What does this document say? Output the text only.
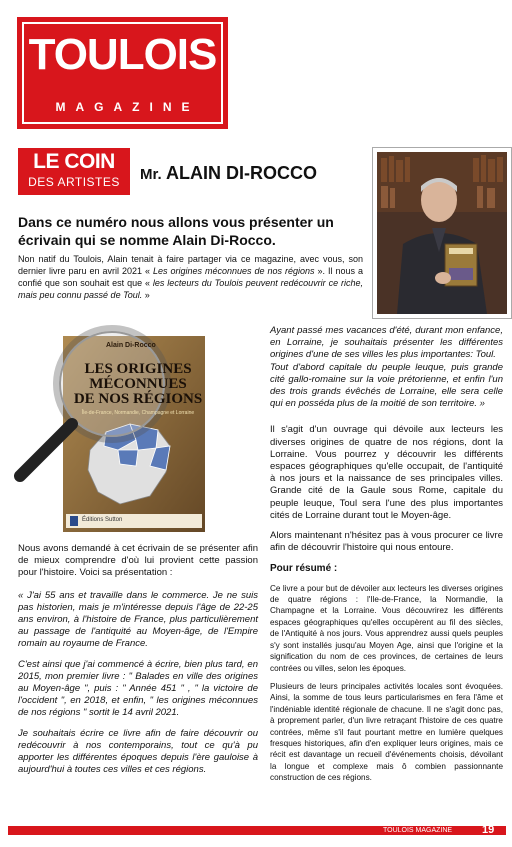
TOULOIS
MAGAZINE
LE COIN
DES ARTISTES	Mr. ALAIN DI-ROCCO
Dans ce numéro nous allons vous présenter un écrivain qui se nomme Alain Di-Rocco.
Non natif du Toulois, Alain tenait à faire partager via ce magazine, avec vous, son dernier livre paru en avril 2021 « Les origines méconnues de nos régions ». Il nous a confié que son souhait est que « les lecteurs du Toulois peuvent redécouvrir ce riche, mais peu connu passé de Toul. »
Alain Di-Rocco
LES ORIGINES
MÉCONNUES
DE NOS RÉGIONS
Île-de-France, Normandie, Champagne et Lorraine
Éditions Sutton

Ayant passé mes vacances d'été, durant mon enfance, en Lorraine, je souhaitais présenter les différentes origines d'une de ses villes les plus importantes: Toul.

Tout d'abord capitale du peuple leuque, puis grande cité gallo-romaine sur la voie prétorienne, et enfin l'un des trois grands évêchés de Lorraine, elle sera celle qui en posséda plus de la moitié de son territoire. »

Il s'agit d'un ouvrage qui dévoile aux lecteurs les diverses origines de quatre de nos régions, dont la Lorraine. Vous pourrez y découvrir les différents espaces géographiques qu'elle occupait, de l'antiquité à nos jours et la naissance de ses principales villes. Grande cité de la Gaule sous Rome, capitale du peuple leuque, Toul sera l'une des plus importantes cités de Lorraine durant tout le Moyen-âge.

Alors maintenant n'hésitez pas à vous procurer ce livre afin de découvrir l'histoire qui nous entoure.

Pour résumé :

Ce livre a pour but de dévoiler aux lecteurs les diverses origines de quatre régions : l'Ile-de-France, la Normandie, la Champagne et la Lorraine. Vous découvrirez les différents espaces géographiques qu'elles occupèrent au fil des siècles, de l'Antiquité à nos jours. Vous apprendrez aussi quels peuples s'y sont installés jusqu'au Moyen Age, ainsi que l'origine et la signification du nom de ces provinces, de certaines de leurs contrées ou villes, selon les époques.

Plusieurs de leurs principales activités locales sont évoquées. Ainsi, la somme de tous leurs particularismes en fera l'âme et l'indéniable identité régionale de chacune. Il ne s'agit donc pas, à proprement parler, d'un livre retraçant l'histoire de ces quatre contrées, même s'il faut pourtant mettre en lumière quelques fresques historiques, afin d'en expliquer leurs origines, mais ce récit est davantage un recueil d'événements choisis, dévoilant la longue et complexe mais ô combien passionnante construction de ces régions.

Nous avons demandé à cet écrivain de se présenter afin de mieux comprendre d'où lui provient cette passion pour l'histoire. Voici sa présentation :

« J'ai 55 ans et travaille dans le commerce. Je ne suis pas historien, mais je m'intéresse depuis l'âge de 22-25 ans environ, à l'histoire de France, plus particulièrement au passage de l'antiquité au Moyen-âge, de l'Empire romain au royaume de France.

C'est ainsi que j'ai commencé à écrire, bien plus tard, en 2015, mon premier livre : " Balades en ville des origines au Moyen-âge ", puis : " Année 451 " , " la victoire de l'occident ", en 2018, et enfin, " les origines méconnues de nos régions " sortit le 14 avril 2021.

Je souhaitais écrire ce livre afin de faire découvrir ou redécouvrir à nos contemporains, tout ce qu'à pu apporter les différentes époques depuis l'ère gauloise à aujourd'hui à toutes ces villes et ces régions.

TOULOIS MAGAZINE	19
